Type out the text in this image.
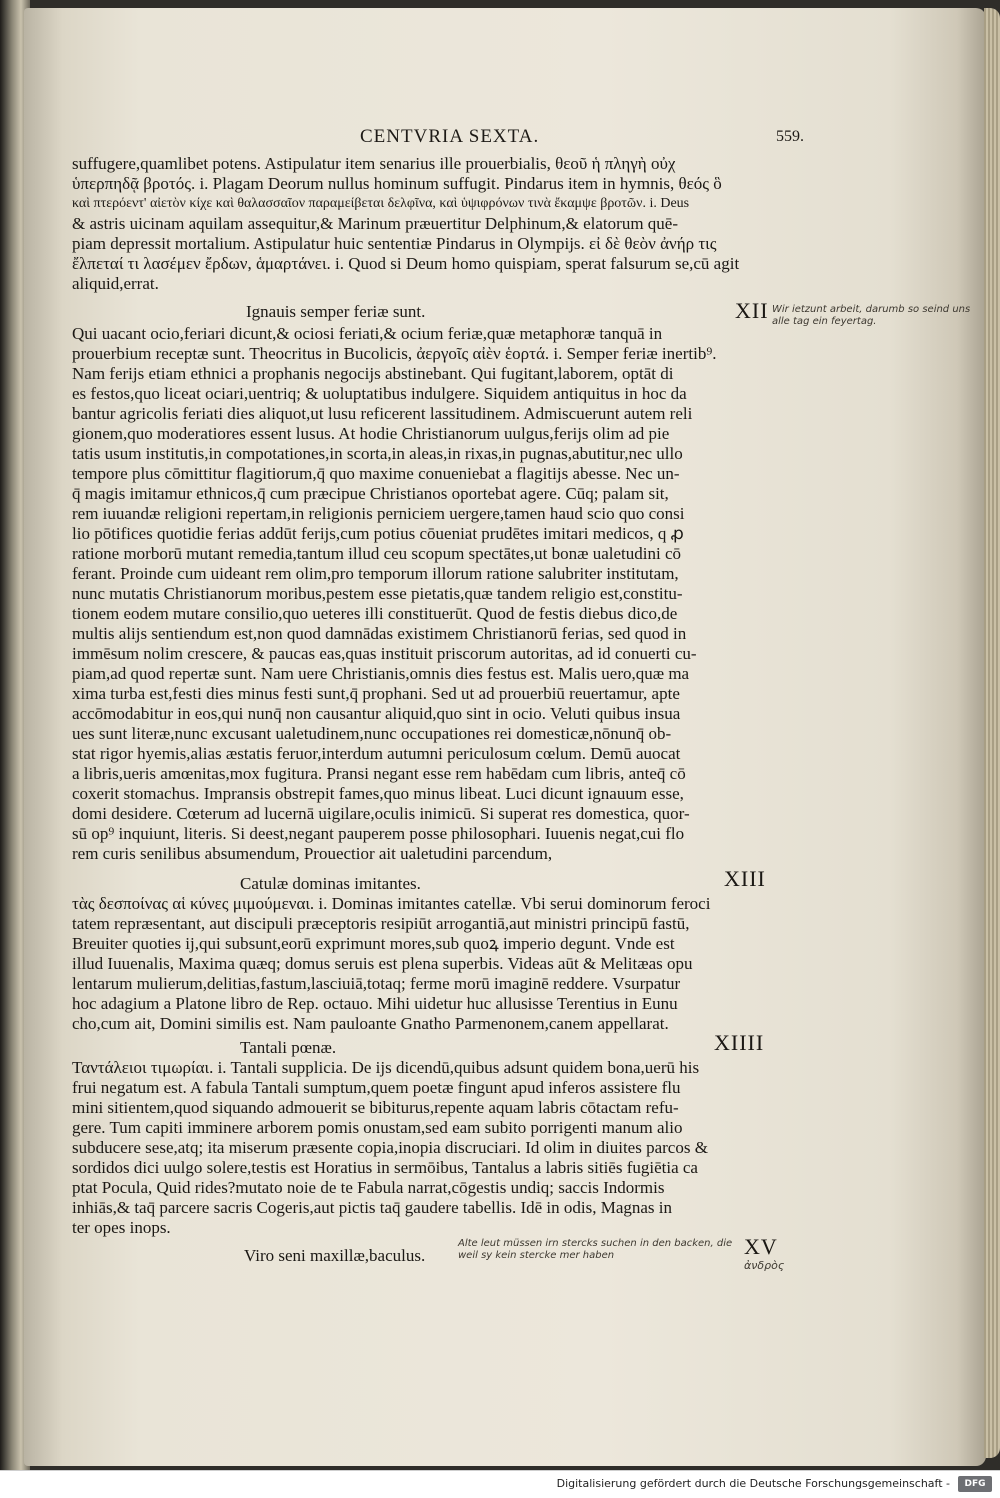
CENTVRIA SEXTA.	559.

suffugere,quamlibet potens. Astipulatur item senarius ille prouerbialis, θεοῦ ἡ πληγὴ οὐχ

ὑπερπηδᾷ βροτός. i. Plagam Deorum nullus hominum suffugit. Pindarus item in hymnis, θεός ὃ

καὶ πτερόεντ' αἰετὸν κίχε καὶ θαλασσαῖον παραμείβεται δελφῖνα, καὶ ὑψιφρόνων τινὰ ἔκαμψε βροτῶν. i. Deus

& astris uicinam aquilam assequitur,& Marinum præuertitur Delphinum,& elatorum quē-

piam depressit mortalium. Astipulatur huic sententiæ Pindarus in Olympijs. εἰ δὲ θεὸν ἀνήρ τις

ἔλπεταί τι λασέμεν ἔρδων, ἁμαρτάνει. i. Quod si Deum homo quispiam, sperat falsurum se,cū agit

aliquid,errat.

Ignauis semper feriæ sunt.	XII Wir ietzunt arbeit, darumb so seind uns alle tag ein feyertag.

Qui uacant ocio,feriari dicunt,& ociosi feriati,& ocium feriæ,quæ metaphoræ tanquā in

prouerbium receptæ sunt. Theocritus in Bucolicis, ἀεργοῖς αἰὲν ἑορτά. i. Semper feriæ inertib⁹.

Nam ferijs etiam ethnici a prophanis negocijs abstinebant. Qui fugitant,laborem, optāt di

es festos,quo liceat ociari,uentriq; & uoluptatibus indulgere. Siquidem antiquitus in hoc da

bantur agricolis feriati dies aliquot,ut lusu reficerent lassitudinem. Admiscuerunt autem reli

gionem,quo moderatiores essent lusus. At hodie Christianorum uulgus,ferijs olim ad pie

tatis usum institutis,in compotationes,in scorta,in aleas,in rixas,in pugnas,abutitur,nec ullo

tempore plus cōmittitur flagitiorum,q̄ quo maxime conueniebat a flagitijs abesse. Nec un-

q̄ magis imitamur ethnicos,q̄ cum præcipue Christianos oportebat agere. Cūq; palam sit,

rem iuuandæ religioni repertam,in religionis perniciem uergere,tamen haud scio quo consi

lio pōtifices quotidie ferias addūt ferijs,cum potius cōueniat prudētes imitari medicos, q ꝓ

ratione morborū mutant remedia,tantum illud ceu scopum spectātes,ut bonæ ualetudini cō

ferant. Proinde cum uideant rem olim,pro temporum illorum ratione salubriter institutam,

nunc mutatis Christianorum moribus,pestem esse pietatis,quæ tandem religio est,constitu-

tionem eodem mutare consilio,quo ueteres illi constituerūt. Quod de festis diebus dico,de

multis alijs sentiendum est,non quod damnādas existimem Christianorū ferias, sed quod in

immēsum nolim crescere, & paucas eas,quas instituit priscorum autoritas, ad id conuerti cu-

piam,ad quod repertæ sunt. Nam uere Christianis,omnis dies festus est. Malis uero,quæ ma

xima turba est,festi dies minus festi sunt,q̄ prophani. Sed ut ad prouerbiū reuertamur, apte

accōmodabitur in eos,qui nunq̄ non causantur aliquid,quo sint in ocio. Veluti quibus insua

ues sunt literæ,nunc excusant ualetudinem,nunc occupationes rei domesticæ,nōnunq̄ ob-

stat rigor hyemis,alias æstatis feruor,interdum autumni periculosum cœlum. Demū auocat

a libris,ueris amœnitas,mox fugitura. Pransi negant esse rem habēdam cum libris, anteq̄ cō

coxerit stomachus. Impransis obstrepit fames,quo minus libeat. Luci dicunt ignauum esse,

domi desidere. Cœterum ad lucernā uigilare,oculis inimicū. Si superat res domestica, quor-

sū op⁹ inquiunt, literis. Si deest,negant pauperem posse philosophari. Iuuenis negat,cui flo

rem curis senilibus absumendum, Prouectior ait ualetudini parcendum,

Catulæ dominas imitantes.	XIII

τὰς δεσποίνας αἱ κύνες μιμούμεναι. i. Dominas imitantes catellæ. Vbi serui dominorum feroci

tatem repræsentant, aut discipuli præceptoris resipiūt arrogantiā,aut ministri principū fastū,

Breuiter quoties ij,qui subsunt,eorū exprimunt mores,sub quoꝝ imperio degunt. Vnde est

illud Iuuenalis, Maxima quæq; domus seruis est plena superbis. Videas aūt & Melitæas opu

lentarum mulierum,delitias,fastum,lasciuiā,totaq; ferme morū imaginē reddere. Vsurpatur

hoc adagium a Platone libro de Rep. octauo. Mihi uidetur huc allusisse Terentius in Eunu

cho,cum ait, Domini similis est. Nam pauloante Gnatho Parmenonem,canem appellarat.

Tantali pœnæ.	XIIII

Ταντάλειοι τιμωρίαι. i. Tantali supplicia. De ijs dicendū,quibus adsunt quidem bona,uerū his

frui negatum est. A fabula Tantali sumptum,quem poetæ fingunt apud inferos assistere flu

mini sitientem,quod siquando admouerit se bibiturus,repente aquam labris cōtactam refu-

gere. Tum capiti imminere arborem pomis onustam,sed eam subito porrigenti manum alio

subducere sese,atq; ita miserum præsente copia,inopia discruciari. Id olim in diuites parcos &

sordidos dici uulgo solere,testis est Horatius in sermōibus, Tantalus a labris sitiēs fugiētia ca

ptat Pocula, Quid rides?mutato noie de te Fabula narrat,cōgestis undiq; saccis Indormis

inhiās,& taq̄ parcere sacris Cogeris,aut pictis taq̄ gaudere tabellis. Idē in odis, Magnas in

ter opes inops.

Viro seni maxillæ,baculus.
Alte leut müssen irn stercks suchen in den backen, die weil sy kein stercke mer haben	XV
ἀνδρὸς
Digitalisierung gefördert durch die Deutsche Forschungsgemeinschaft -	DFG
